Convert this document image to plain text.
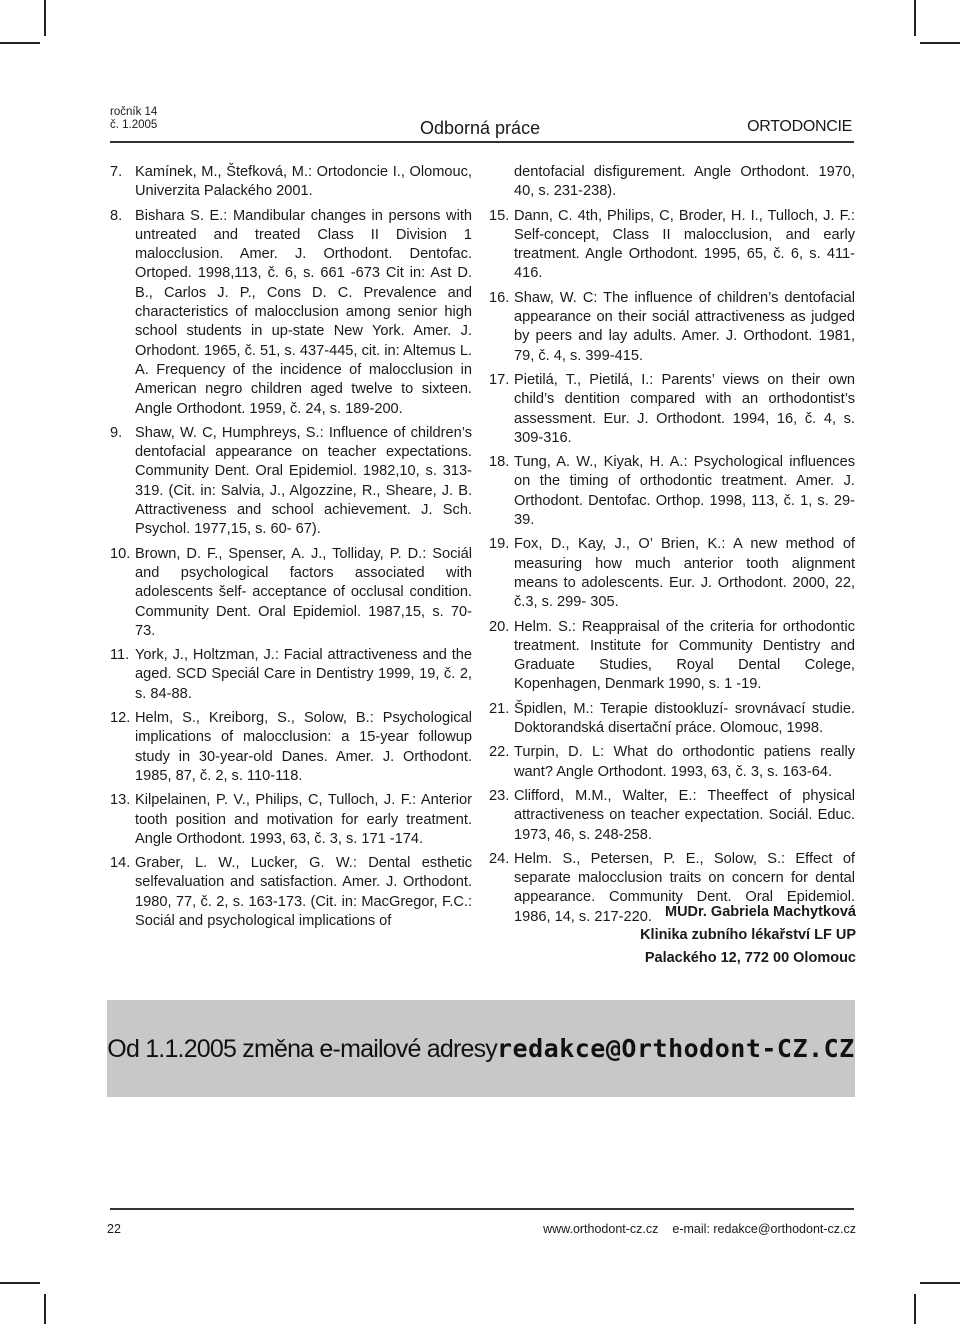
ročník 14
č. 1.2005	Odborná práce	ORTODONCIE

7. Kamínek, M., Štefková, M.: Ortodoncie I., Olomouc, Univerzita Palackého 2001.

8. Bishara S. E.: Mandibular changes in persons with untreated and treated Class II Division 1 malocclusion. Amer. J. Orthodont. Dentofac. Ortoped. 1998,113, č. 6, s. 661 -673 Cit in: Ast D. B., Carlos J. P., Cons D. C. Prevalence and characteristics of malocclusion among senior high school students in up-state New York. Amer. J. Orhodont. 1965, č. 51, s. 437-445, cit. in: Altemus L. A. Frequency of the incidence of malocclusion in American negro children aged twelve to sixteen. Angle Orthodont. 1959, č. 24, s. 189-200.

9. Shaw, W. C, Humphreys, S.: Influence of children’s dentofacial appearance on teacher expectations. Community Dent. Oral Epidemiol. 1982,10, s. 313-319. (Cit. in: Salvia, J., Algozzine, R., Sheare, J. B. Attractiveness and school achievement. J. Sch. Psychol. 1977,15, s. 60- 67).

10. Brown, D. F., Spenser, A. J., Tolliday, P. D.: Sociál and psychological factors associated with adolescents šelf- acceptance of occlusal condition. Community Dent. Oral Epidemiol. 1987,15, s. 70-73.

11. York, J., Holtzman, J.: Facial attractiveness and the aged. SCD Speciál Care in Dentistry 1999, 19, č. 2, s. 84-88.

12. Helm, S., Kreiborg, S., Solow, B.: Psychological implications of malocclusion: a 15-year followup study in 30-year-old Danes. Amer. J. Orthodont. 1985, 87, č. 2, s. 110-118.

13. Kilpelainen, P. V., Philips, C, Tulloch, J. F.: Anterior tooth position and motivation for early treatment. Angle Orthodont. 1993, 63, č. 3, s. 171 -174.

14. Graber, L. W., Lucker, G. W.: Dental esthetic selfevaluation and satisfaction. Amer. J. Orthodont. 1980, 77, č. 2, s. 163-173. (Cit. in: MacGregor, F.C.: Sociál and psychological implications of

dentofacial disfigurement. Angle Orthodont. 1970, 40, s. 231-238).

15. Dann, C. 4th, Philips, C, Broder, H. I., Tulloch, J. F.: Self-concept, Class II malocclusion, and early treatment. Angle Orthodont. 1995, 65, č. 6, s. 411-416.

16. Shaw, W. C: The influence of children’s dentofacial appearance on their sociál attractiveness as judged by peers and lay adults. Amer. J. Orthodont. 1981, 79, č. 4, s. 399-415.

17. Pietilá, T., Pietilá, I.: Parents’ views on their own child’s dentition compared with an orthodontist’s assessment. Eur. J. Orthodont. 1994, 16, č. 4, s. 309-316.

18. Tung, A. W., Kiyak, H. A.: Psychological influences on the timing of orthodontic treatment. Amer. J. Orthodont. Dentofac. Orthop. 1998, 113, č. 1, s. 29-39.

19. Fox, D., Kay, J., O’ Brien, K.: A new method of measuring how much anterior tooth alignment means to adolescents. Eur. J. Orthodont. 2000, 22, č.3, s. 299- 305.

20. Helm. S.: Reappraisal of the criteria for orthodontic treatment. Institute for Community Dentistry and Graduate Studies, Royal Dental Colege, Kopenhagen, Denmark 1990, s. 1 -19.

21. Špidlen, M.: Terapie distookluzí- srovnávací studie. Doktorandská disertační práce. Olomouc, 1998.

22. Turpin, D. L: What do orthodontic patiens really want? Angle Orthodont. 1993, 63, č. 3, s. 163-64.

23. Clifford, M.M., Walter, E.: Theeffect of physical attractiveness on teacher expectation. Sociál. Educ. 1973, 46, s. 248-258.

24. Helm. S., Petersen, P. E., Solow, S.: Effect of separate malocclusion traits on concern for dental appearance. Community Dent. Oral Epidemiol. 1986, 14, s. 217-220. MUDr. Gabriela Machytková
Klinika zubního lékařství LF UP
Palackého 12, 772 00 Olomouc
Od 1.1.2005 změna e-mailové adresyredakce@Orthodont-CZ.CZ
22	www.orthodont-cz.cz e-mail: redakce@orthodont-cz.cz
